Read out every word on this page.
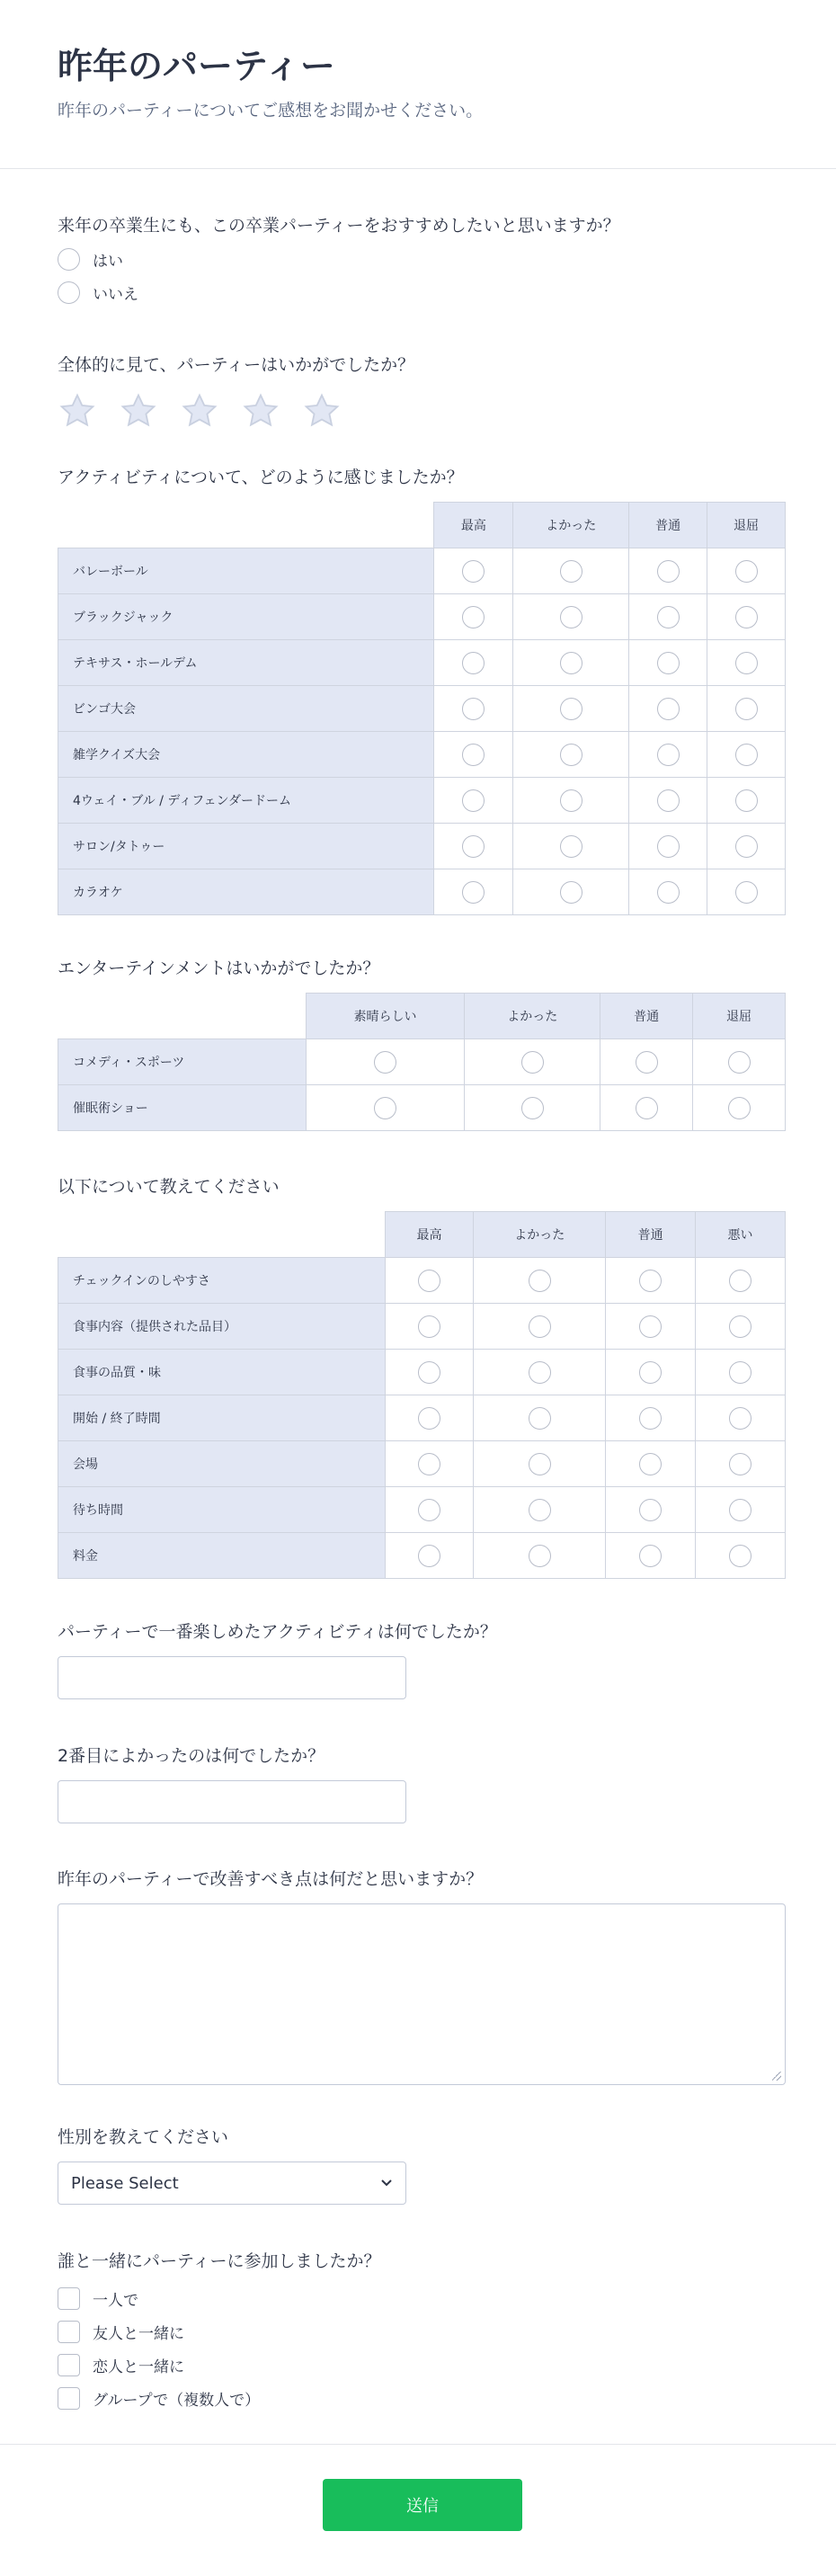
昨年のパーティー

昨年のパーティーについてご感想をお聞かせください。

来年の卒業生にも、この卒業パーティーをおすすめしたいと思いますか？
はい
いいえ
全体的に見て、パーティーはいかがでしたか？
アクティビティについて、どのように感じましたか？
	最高	よかった	普通	退屈
バレーボール				
ブラックジャック				
テキサス・ホールデム				
ビンゴ大会				
雑学クイズ大会				
4ウェイ・ブル / ディフェンダードーム				
サロン/タトゥー				
カラオケ				
エンターテインメントはいかがでしたか？
	素晴らしい	よかった	普通	退屈
コメディ・スポーツ				
催眠術ショー				
以下について教えてください
	最高	よかった	普通	悪い
チェックインのしやすさ				
食事内容（提供された品目）				
食事の品質・味				
開始 / 終了時間				
会場				
待ち時間				
料金				
パーティーで一番楽しめたアクティビティは何でしたか？
2番目によかったのは何でしたか？
昨年のパーティーで改善すべき点は何だと思いますか？
性別を教えてください
Please Select
誰と一緒にパーティーに参加しましたか？
一人で
友人と一緒に
恋人と一緒に
グループで（複数人で）
送信
